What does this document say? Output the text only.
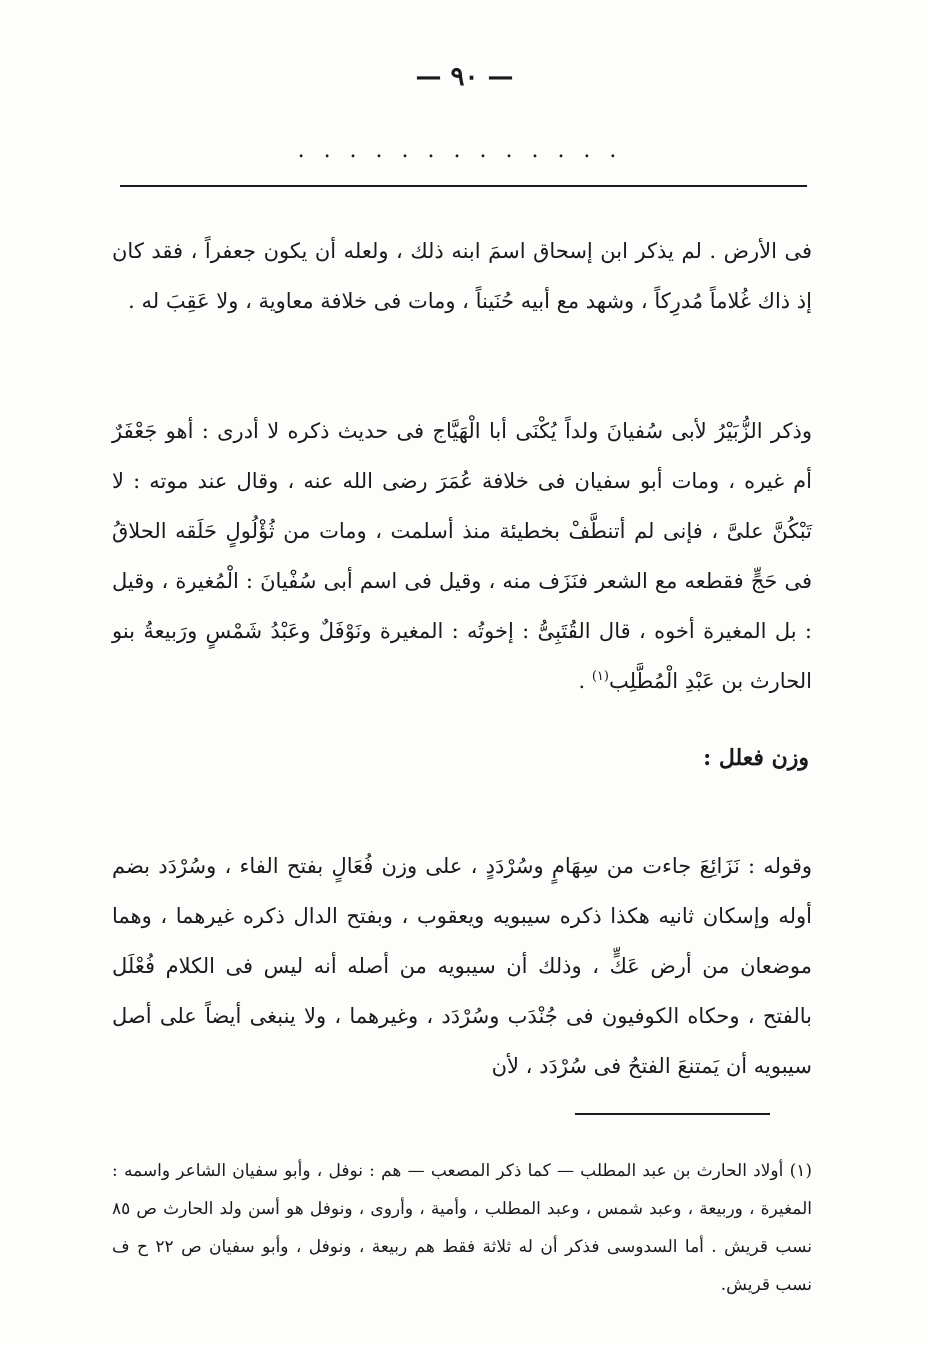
— ٩٠ —
. . . . . . . . . . . . .

فى الأرض . لم يذكر ابن إسحاق اسمَ ابنه ذلك ، ولعله أن يكون جعفراً ، فقد كان إذ ذاك غُلاماً مُدرِكاً ، وشهد مع أبيه حُنَيناً ، ومات فى خلافة معاوية ، ولا عَقِبَ له .

وذكر الزُّبَيْرُ لأبى سُفيانَ ولداً يُكْنَى أبا الْهَيَّاج فى حديث ذكره لا أدرى : أهو جَعْفَرٌ أم غيره ، ومات أبو سفيان فى خلافة عُمَرَ رضى الله عنه ، وقال عند موته : لا تَبْكُنَّ علىَّ ، فإنى لم أتنطَّفْ بخطيئة منذ أسلمت ، ومات من ثُؤْلُولٍ حَلَقه الحلاقُ فى حَجٍّ فقطعه مع الشعر فنَزَف منه ، وقيل فى اسم أبى سُفْيانَ : الْمُغيرة ، وقيل : بل المغيرة أخوه ، قال القُتَبِىُّ : إخوتُه : المغيرة ونَوْفَلٌ وعَبْدُ شَمْسٍ ورَبيعةُ بنو الحارث بن عَبْدِ الْمُطَّلِب$^{(١)}$ .

وزن فعلل :

وقوله : نَزَائِعَ جاءت من سِهَامٍ وسُرْدَدٍ ، على وزن فُعَالٍ بفتح الفاء ، وسُرْدَد بضم أوله وإسكان ثانيه هكذا ذكره سيبويه ويعقوب ، وبفتح الدال ذكره غيرهما ، وهما موضعان من أرض عَكٍّ ، وذلك أن سيبويه من أصله أنه ليس فى الكلام فُعْلَل بالفتح ، وحكاه الكوفيون فى جُنْدَب وسُرْدَد ، وغيرهما ، ولا ينبغى أيضاً على أصل سيبويه أن يَمتنعَ الفتحُ فى سُرْدَد ، لأن

(١) أولاد الحارث بن عبد المطلب — كما ذكر المصعب — هم : نوفل ، وأبو سفيان الشاعر واسمه : المغيرة ، وربيعة ، وعبد شمس ، وعبد المطلب ، وأمية ، وأروى ، ونوفل هو أسن ولد الحارث ص ٨٥ نسب قريش . أما السدوسى فذكر أن له ثلاثة فقط هم ربيعة ، ونوفل ، وأبو سفيان ص ٢٢ ح ف نسب قريش.
